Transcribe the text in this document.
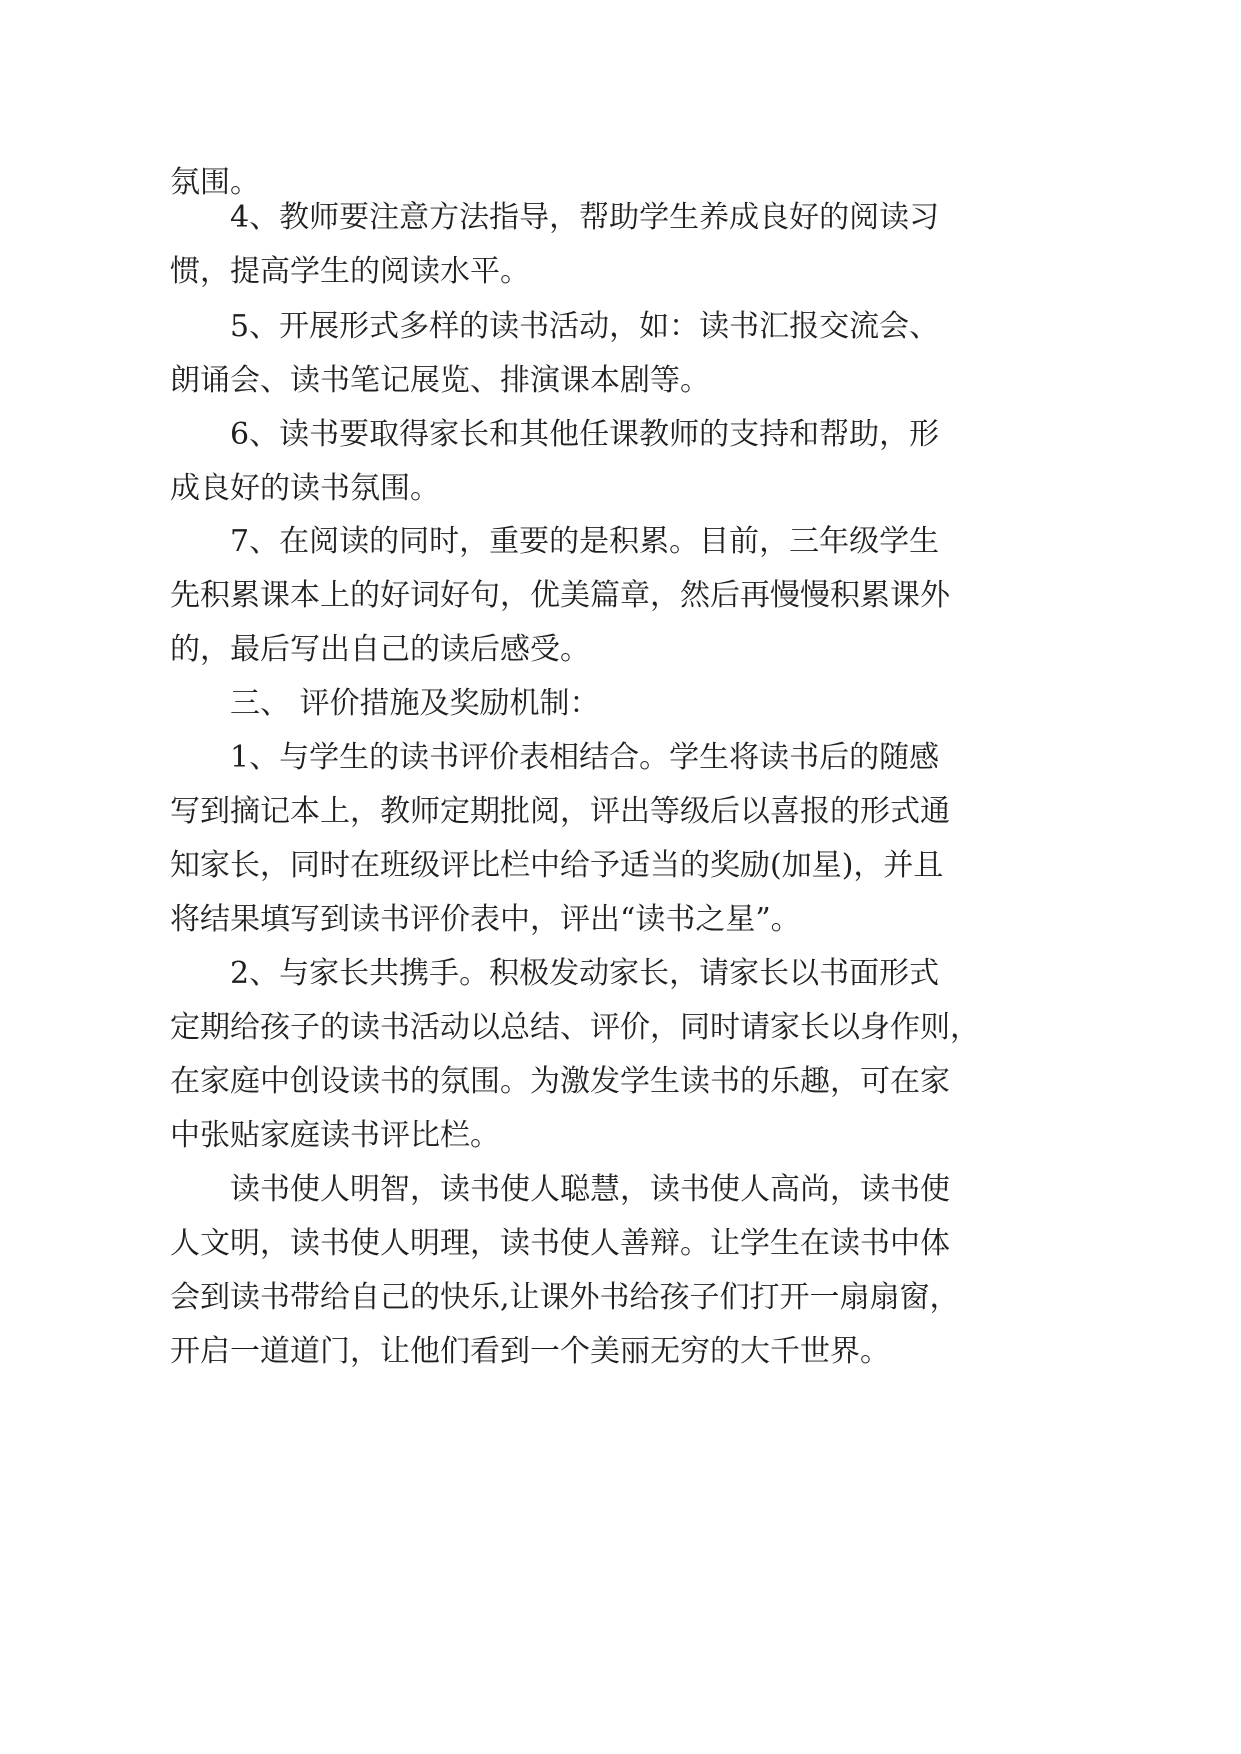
氛围。
4、教师要注意方法指导，帮助学生养成良好的阅读习
惯，提高学生的阅读水平。
5、开展形式多样的读书活动，如：读书汇报交流会、
朗诵会、读书笔记展览、排演课本剧等。
6、读书要取得家长和其他任课教师的支持和帮助，形
成良好的读书氛围。
7、在阅读的同时，重要的是积累。目前，三年级学生
先积累课本上的好词好句，优美篇章，然后再慢慢积累课外
的，最后写出自己的读后感受。
三、 评价措施及奖励机制：
1、与学生的读书评价表相结合。学生将读书后的随感
写到摘记本上，教师定期批阅，评出等级后以喜报的形式通
知家长，同时在班级评比栏中给予适当的奖励(加星)，并且
将结果填写到读书评价表中，评出“读书之星”。
2、与家长共携手。积极发动家长，请家长以书面形式
定期给孩子的读书活动以总结、评价，同时请家长以身作则，
在家庭中创设读书的氛围。为激发学生读书的乐趣，可在家
中张贴家庭读书评比栏。
读书使人明智，读书使人聪慧，读书使人高尚，读书使
人文明，读书使人明理，读书使人善辩。让学生在读书中体
会到读书带给自己的快乐,让课外书给孩子们打开一扇扇窗，
开启一道道门，让他们看到一个美丽无穷的大千世界。
